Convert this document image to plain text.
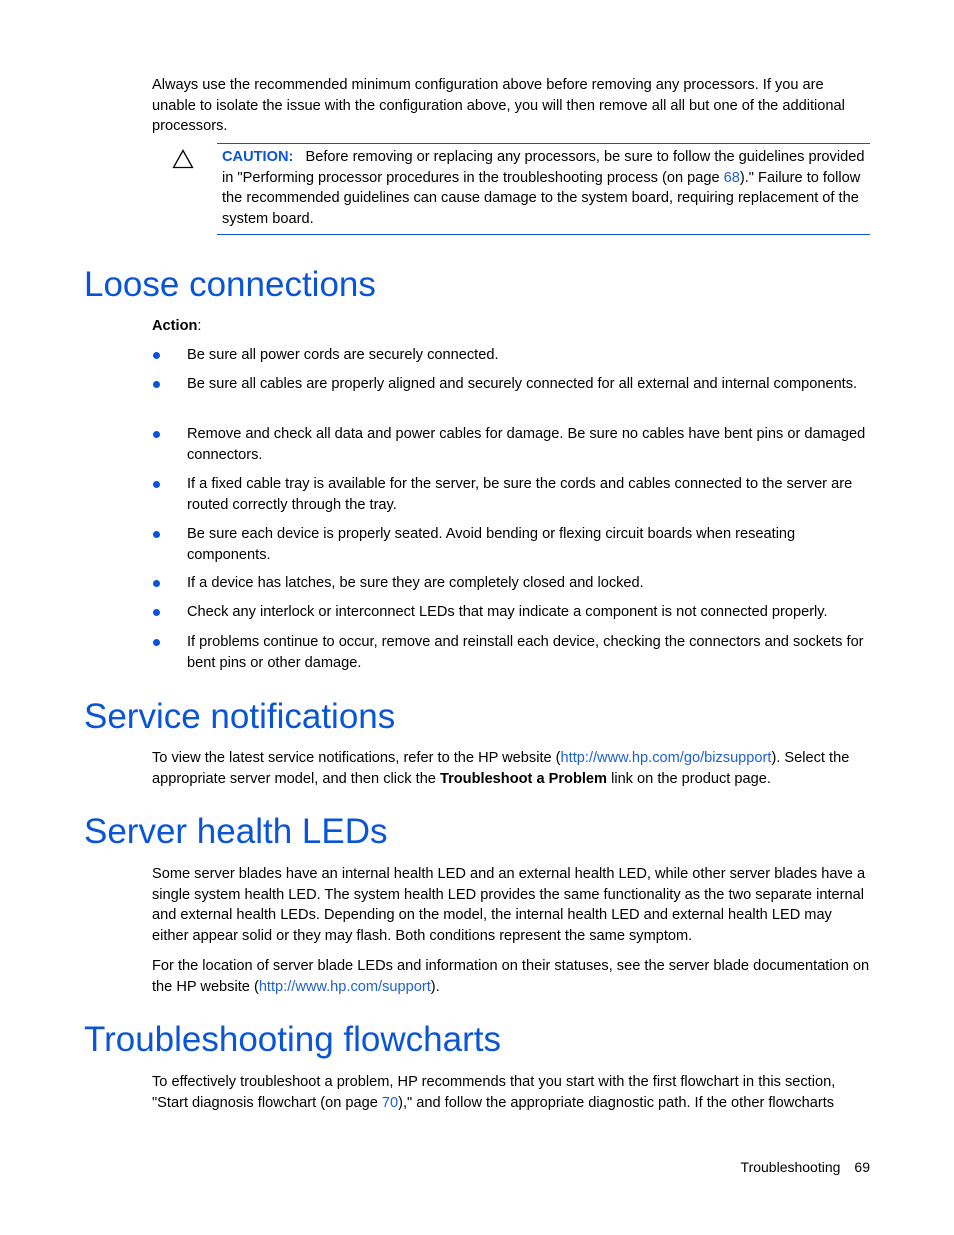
Always use the recommended minimum configuration above before removing any processors. If you are unable to isolate the issue with the configuration above, you will then remove all all but one of the additional processors.

CAUTION: Before removing or replacing any processors, be sure to follow the guidelines provided in "Performing processor procedures in the troubleshooting process (on page 68)." Failure to follow the recommended guidelines can cause damage to the system board, requiring replacement of the system board.

Loose connections

Action:

Be sure all power cords are securely connected.
Be sure all cables are properly aligned and securely connected for all external and internal components.
Remove and check all data and power cables for damage. Be sure no cables have bent pins or damaged connectors.
If a fixed cable tray is available for the server, be sure the cords and cables connected to the server are routed correctly through the tray.
Be sure each device is properly seated. Avoid bending or flexing circuit boards when reseating components.
If a device has latches, be sure they are completely closed and locked.
Check any interlock or interconnect LEDs that may indicate a component is not connected properly.
If problems continue to occur, remove and reinstall each device, checking the connectors and sockets for bent pins or other damage.
Service notifications

To view the latest service notifications, refer to the HP website (http://www.hp.com/go/bizsupport). Select the appropriate server model, and then click the Troubleshoot a Problem link on the product page.

Server health LEDs

Some server blades have an internal health LED and an external health LED, while other server blades have a single system health LED. The system health LED provides the same functionality as the two separate internal and external health LEDs. Depending on the model, the internal health LED and external health LED may either appear solid or they may flash. Both conditions represent the same symptom.

For the location of server blade LEDs and information on their statuses, see the server blade documentation on the HP website (http://www.hp.com/support).

Troubleshooting flowcharts

To effectively troubleshoot a problem, HP recommends that you start with the first flowchart in this section, "Start diagnosis flowchart (on page 70)," and follow the appropriate diagnostic path. If the other flowcharts

Troubleshooting 69
